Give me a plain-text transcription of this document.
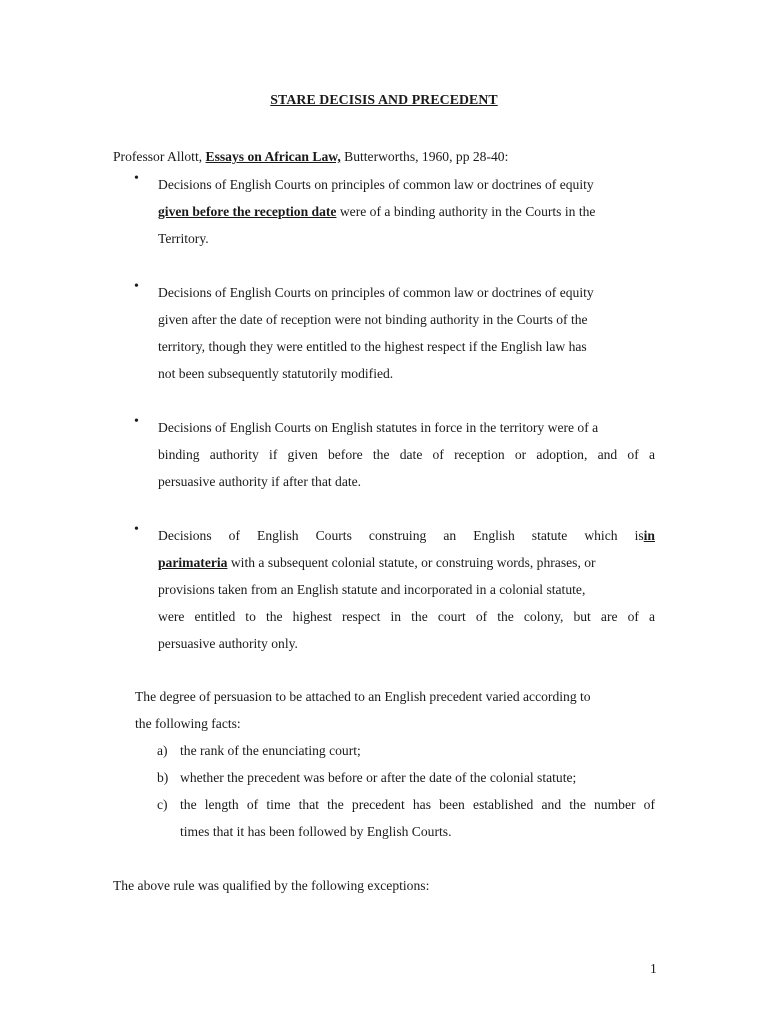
STARE DECISIS AND PRECEDENT
Professor Allott, Essays on African Law, Butterworths, 1960, pp 28-40:
• Decisions of English Courts on principles of common law or doctrines of equity
given before the reception date were of a binding authority in the Courts in the
Territory.
• Decisions of English Courts on principles of common law or doctrines of equity
given after the date of reception were not binding authority in the Courts of the
territory, though they were entitled to the highest respect if the English law has
not been subsequently statutorily modified.
• Decisions of English Courts on English statutes in force in the territory were of a
binding authority if given before the date of reception or adoption, and of a
persuasive authority if after that date.
• Decisions of English Courts construing an English statute which is in
parimateria with a subsequent colonial statute, or construing words, phrases, or
provisions taken from an English statute and incorporated in a colonial statute,
were entitled to the highest respect in the court of the colony, but are of a
persuasive authority only.
The degree of persuasion to be attached to an English precedent varied according to
the following facts:
a) the rank of the enunciating court;
b) whether the precedent was before or after the date of the colonial statute;
c) the length of time that the precedent has been established and the number of
times that it has been followed by English Courts.
The above rule was qualified by the following exceptions:
1
